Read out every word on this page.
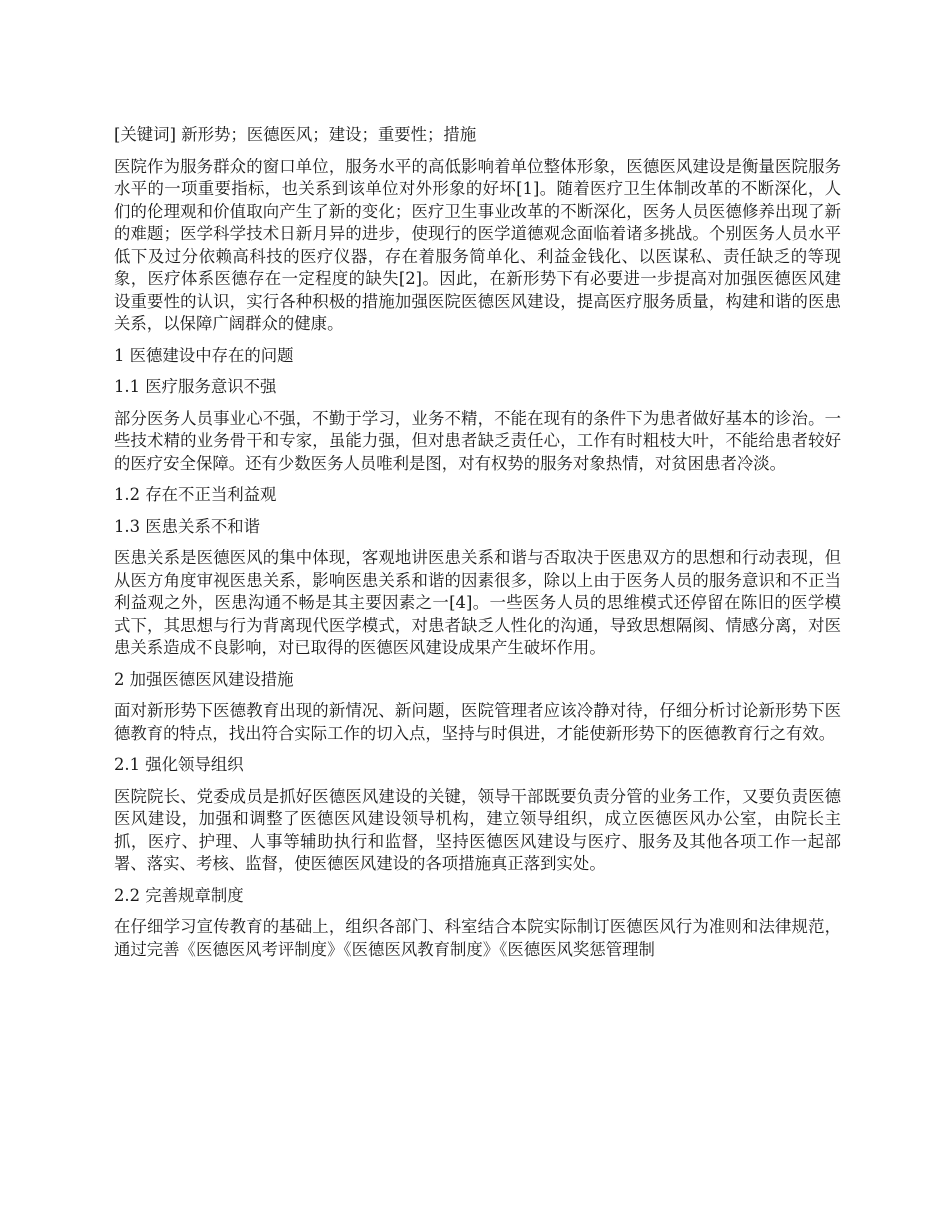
[关键词] 新形势；医德医风；建设；重要性；措施

医院作为服务群众的窗口单位，服务水平的高低影响着单位整体形象，医德医风建设是衡量医院服务水平的一项重要指标，也关系到该单位对外形象的好坏[1]。随着医疗卫生体制改革的不断深化，人们的伦理观和价值取向产生了新的变化；医疗卫生事业改革的不断深化，医务人员医德修养出现了新的难题；医学科学技术日新月异的进步，使现行的医学道德观念面临着诸多挑战。个别医务人员水平低下及过分依赖高科技的医疗仪器，存在着服务简单化、利益金钱化、以医谋私、责任缺乏的等现象，医疗体系医德存在一定程度的缺失[2]。因此，在新形势下有必要进一步提高对加强医德医风建设重要性的认识，实行各种积极的措施加强医院医德医风建设，提高医疗服务质量，构建和谐的医患关系，以保障广阔群众的健康。

1 医德建设中存在的问题
1.1 医疗服务意识不强

部分医务人员事业心不强，不勤于学习，业务不精，不能在现有的条件下为患者做好基本的诊治。一些技术精的业务骨干和专家，虽能力强，但对患者缺乏责任心，工作有时粗枝大叶，不能给患者较好的医疗安全保障。还有少数医务人员唯利是图，对有权势的服务对象热情，对贫困患者冷淡。

1.2 存在不正当利益观
1.3 医患关系不和谐

医患关系是医德医风的集中体现，客观地讲医患关系和谐与否取决于医患双方的思想和行动表现，但从医方角度审视医患关系，影响医患关系和谐的因素很多，除以上由于医务人员的服务意识和不正当利益观之外，医患沟通不畅是其主要因素之一[4]。一些医务人员的思维模式还停留在陈旧的医学模式下，其思想与行为背离现代医学模式，对患者缺乏人性化的沟通，导致思想隔阂、情感分离，对医患关系造成不良影响，对已取得的医德医风建设成果产生破坏作用。

2 加强医德医风建设措施

面对新形势下医德教育出现的新情况、新问题，医院管理者应该冷静对待，仔细分析讨论新形势下医德教育的特点，找出符合实际工作的切入点，坚持与时俱进，才能使新形势下的医德教育行之有效。

2.1 强化领导组织

医院院长、党委成员是抓好医德医风建设的关键，领导干部既要负责分管的业务工作，又要负责医德医风建设，加强和调整了医德医风建设领导机构，建立领导组织，成立医德医风办公室，由院长主抓，医疗、护理、人事等辅助执行和监督，坚持医德医风建设与医疗、服务及其他各项工作一起部署、落实、考核、监督，使医德医风建设的各项措施真正落到实处。

2.2 完善规章制度

在仔细学习宣传教育的基础上，组织各部门、科室结合本院实际制订医德医风行为准则和法律规范，通过完善《医德医风考评制度》《医德医风教育制度》《医德医风奖惩管理制
